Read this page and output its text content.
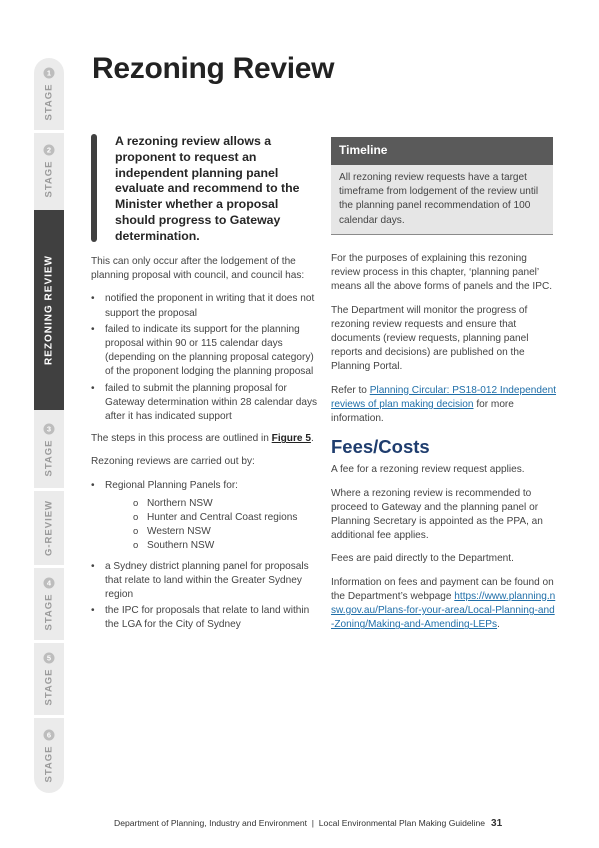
STAGE
1
STAGE
2
REZONING REVIEW
STAGE
3
G-REVIEW
STAGE
4
STAGE
5
STAGE
6
Rezoning Review

A rezoning review allows a proponent to request an independent planning panel evaluate and recommend to the Minister whether a proposal should progress to Gateway determination.

This can only occur after the lodgement of the planning proposal with council, and council has:

• notified the proponent in writing that it does not support the proposal
• failed to indicate its support for the planning proposal within 90 or 115 calendar days (depending on the planning proposal category) of the proponent lodging the planning proposal
• failed to submit the planning proposal for Gateway determination within 28 calendar days after it has indicated support

The steps in this process are outlined in Figure 5.

Rezoning reviews are carried out by:

• Regional Planning Panels for:
o Northern NSW
o Hunter and Central Coast regions
o Western NSW
o Southern NSW
• a Sydney district planning panel for proposals that relate to land within the Greater Sydney region
• the IPC for proposals that relate to land within the LGA for the City of Sydney
Timeline
All rezoning review requests have a target timeframe from lodgement of the review until the planning panel recommendation of 100 calendar days.

For the purposes of explaining this rezoning review process in this chapter, ‘planning panel’ means all the above forms of panels and the IPC.

The Department will monitor the progress of rezoning review requests and ensure that documents (review requests, planning panel reports and decisions) are published on the Planning Portal.

Refer to Planning Circular: PS18-012 Independent reviews of plan making decision for more information.

Fees/Costs

A fee for a rezoning review request applies.

Where a rezoning review is recommended to proceed to Gateway and the planning panel or Planning Secretary is appointed as the PPA, an additional fee applies.

Fees are paid directly to the Department.

Information on fees and payment can be found on the Department’s webpage https://www.planning.nsw.gov.au/Plans-for-your-area/Local-Planning-and-Zoning/Making-and-Amending-LEPs.

Department of Planning, Industry and Environment  |  Local Environmental Plan Making Guideline 31
